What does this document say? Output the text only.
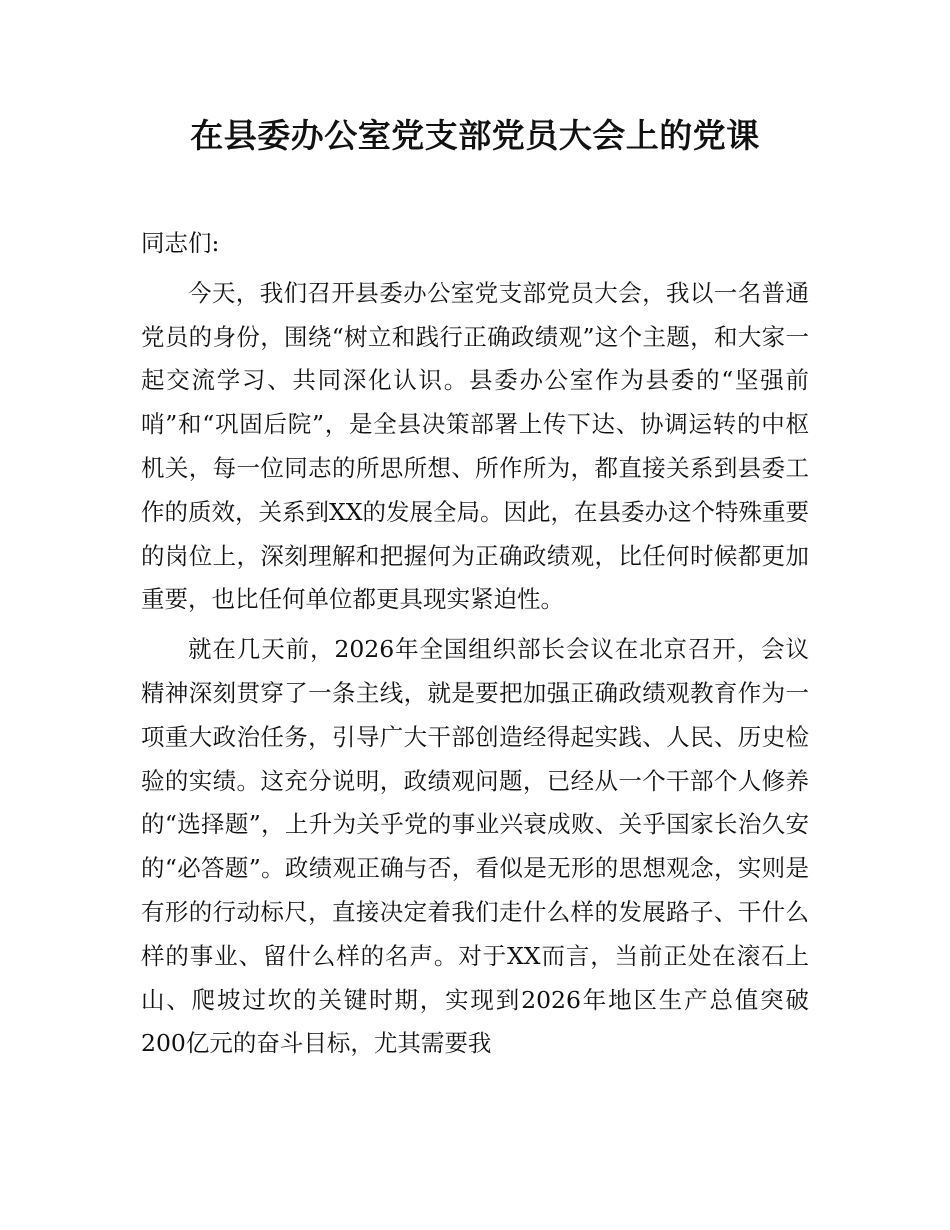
在县委办公室党支部党员大会上的党课

同志们:

今天，我们召开县委办公室党支部党员大会，我以一名普通党员的身份，围绕“树立和践行正确政绩观”这个主题，和大家一起交流学习、共同深化认识。县委办公室作为县委的“坚强前哨”和“巩固后院”，是全县决策部署上传下达、协调运转的中枢机关，每一位同志的所思所想、所作所为，都直接关系到县委工作的质效，关系到XX的发展全局。因此，在县委办这个特殊重要的岗位上，深刻理解和把握何为正确政绩观，比任何时候都更加重要，也比任何单位都更具现实紧迫性。

就在几天前，2026年全国组织部长会议在北京召开，会议精神深刻贯穿了一条主线，就是要把加强正确政绩观教育作为一项重大政治任务，引导广大干部创造经得起实践、人民、历史检验的实绩。这充分说明，政绩观问题，已经从一个干部个人修养的“选择题”，上升为关乎党的事业兴衰成败、关乎国家长治久安的“必答题”。政绩观正确与否，看似是无形的思想观念，实则是有形的行动标尺，直接决定着我们走什么样的发展路子、干什么样的事业、留什么样的名声。对于XX而言，当前正处在滚石上山、爬坡过坎的关键时期，实现到2026年地区生产总值突破200亿元的奋斗目标，尤其需要我
